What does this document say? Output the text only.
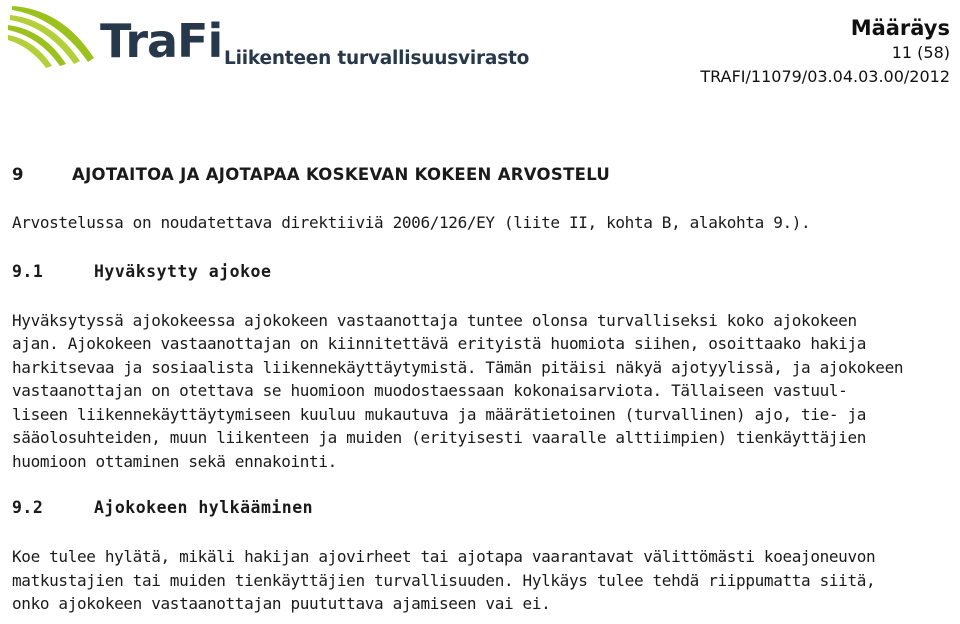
TraFi Liikenteen turvallisuusvirasto
Määräys
11 (58)
TRAFI/11079/03.04.03.00/2012
9	AJOTAITOA JA AJOTAPAA KOSKEVAN KOKEEN ARVOSTELU

Arvostelussa on noudatettava direktiiviä 2006/126/EY (liite II, kohta B, alakohta 9.).

9.1	Hyväksytty ajokoe

Hyväksytyssä ajokokeessa ajokokeen vastaanottaja tuntee olonsa turvalliseksi koko ajokokeen
ajan. Ajokokeen vastaanottajan on kiinnitettävä erityistä huomiota siihen, osoittaako hakija
harkitsevaa ja sosiaalista liikennekäyttäytymistä. Tämän pitäisi näkyä ajotyylissä, ja ajokokeen
vastaanottajan on otettava se huomioon muodostaessaan kokonaisarviota. Tällaiseen vastuul-
liseen liikennekäyttäytymiseen kuuluu mukautuva ja määrätietoinen (turvallinen) ajo, tie- ja
sääolosuhteiden, muun liikenteen ja muiden (erityisesti vaaralle alttiimpien) tienkäyttäjien
huomioon ottaminen sekä ennakointi.

9.2	Ajokokeen hylkääminen

Koe tulee hylätä, mikäli hakijan ajovirheet tai ajotapa vaarantavat välittömästi koeajoneuvon
matkustajien tai muiden tienkäyttäjien turvallisuuden. Hylkäys tulee tehdä riippumatta siitä,
onko ajokokeen vastaanottajan puututtava ajamiseen vai ei.
